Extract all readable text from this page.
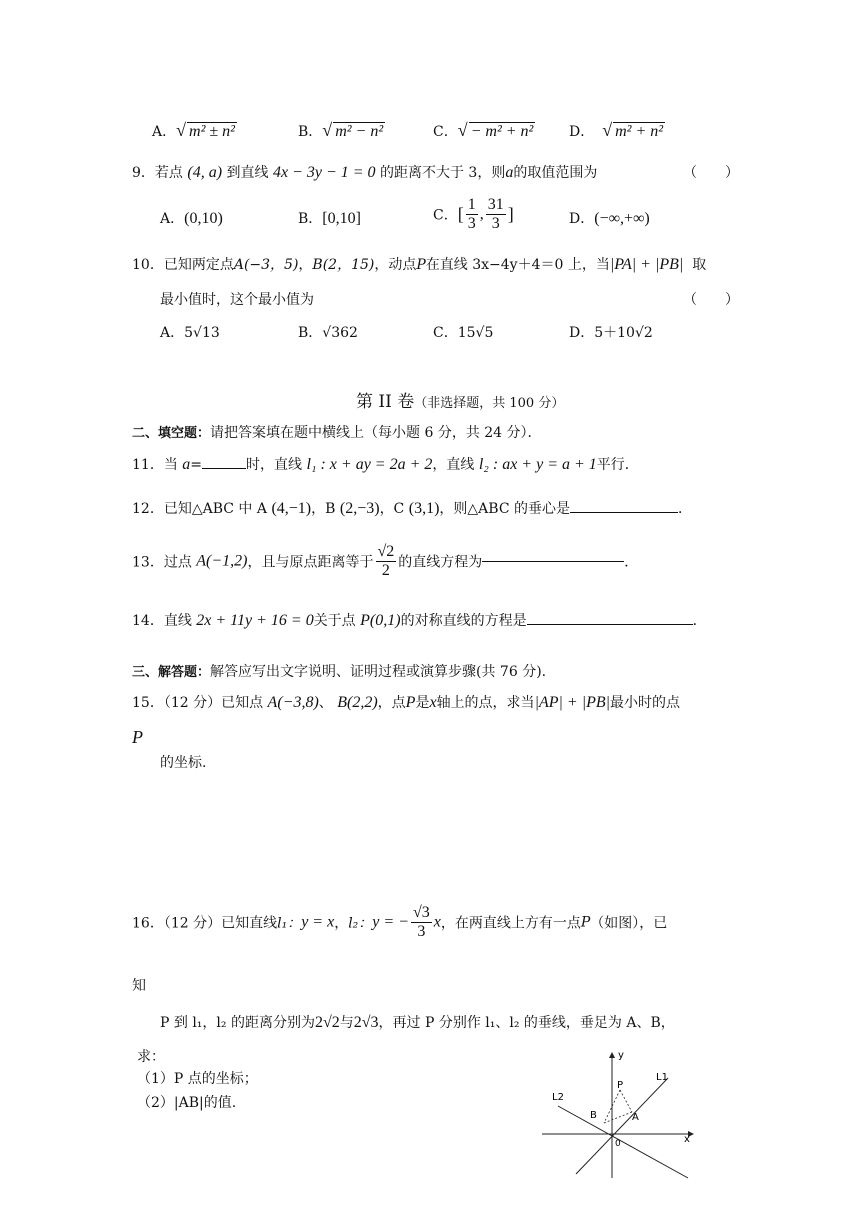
A．√ m² ± n²	B．√ m² − n²	C．√ − m² + n²	D． √ m² + n²
9．若点 (4, a) 到直线 4x − 3y − 1 = 0 的距离不大于 3，则a的取值范围为	（　　）
A．(0,10)	B．[0,10]	C．[ $\frac{1}{3}$ , $\frac{31}{3}$ ]	D．(−∞,+∞)
10．已知两定点A(−3，5)，B(2，15)，动点P在直线 3x−4y＋4＝0 上，当|PA| + |PB| 取
最小值时，这个最小值为	（　　）
A．5√13	B．√362	C．15√5	D．5＋10√2
第 II 卷（非选择题，共 100 分）
二、填空题：请把答案填在题中横线上（每小题 6 分，共 24 分）．
11．当 a=	时，直线 l₁ : x + ay = 2a + 2，直线 l₂ : ax + y = a + 1平行．
12．已知△ABC 中 A (4,−1)，B (2,−3)，C (3,1)，则△ABC 的垂心是	．
13．过点 A(−1,2)，且与原点距离等于 $\frac{√2}{2}$ 的直线方程为	．
14．直线 2x + 11y + 16 = 0关于点 P(0,1)的对称直线的方程是	．
三、解答题：解答应写出文字说明、证明过程或演算步骤(共 76 分).
15．（12 分）已知点 A(−3,8)、 B(2,2)，点P是x轴上的点，求当|AP| + |PB|最小时的点
P
的坐标.
16．（12 分）已知直线l₁：y = x，l₂：y = − $\frac{√3}{3}$ x，在两直线上方有一点P（如图），已
知
P 到 l₁，l₂ 的距离分别为2√2与2√3，再过 P 分别作 l₁、l₂ 的垂线，垂足为 A、B，
求：
（1）P 点的坐标；
（2）|AB|的值.
y
x
P
L1
L2
A
B
0
